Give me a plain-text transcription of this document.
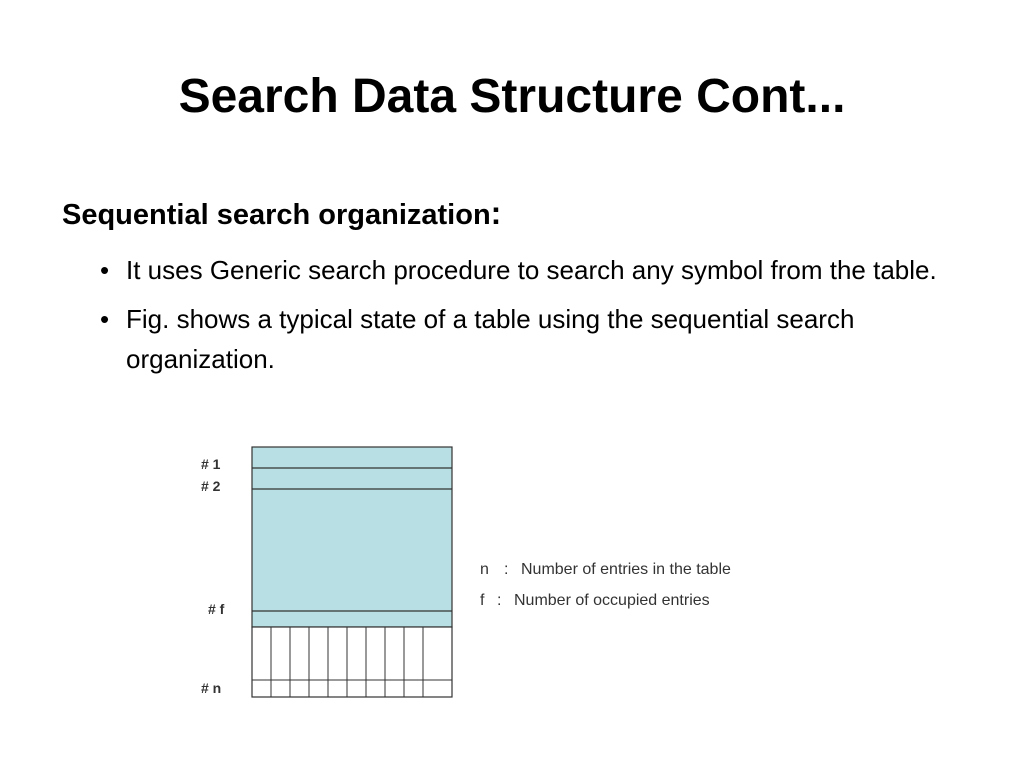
Search Data Structure Cont...
Sequential search organization:
• It uses Generic search procedure to search any symbol from the table.
• Fig. shows a typical state of a table using the sequential search organization.
# 1
# 2
# f
# n
n : Number of entries in the table
f : Number of occupied entries
